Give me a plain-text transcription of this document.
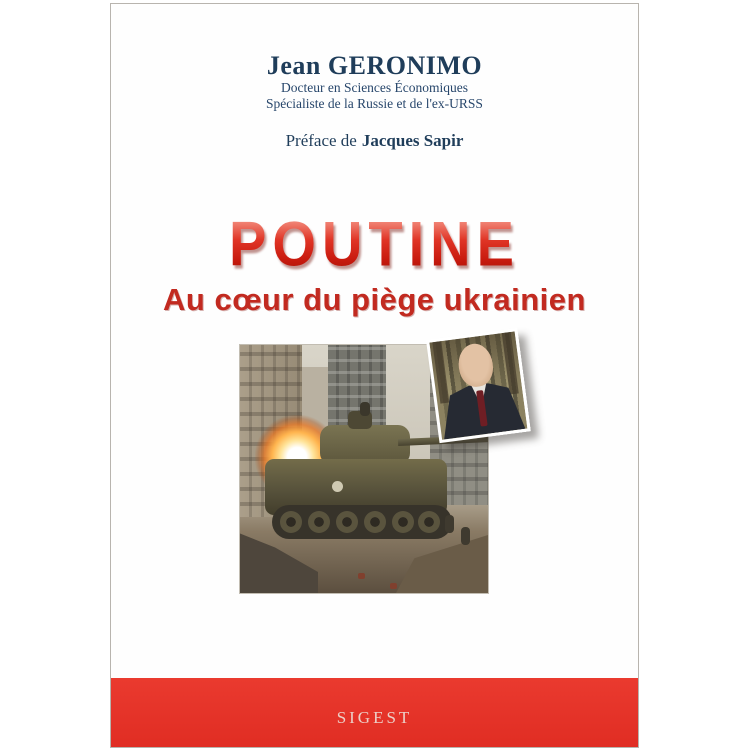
Jean GERONIMO
Docteur en Sciences Économiques
Spécialiste de la Russie et de l'ex-URSS
Préface de Jacques Sapir
POUTINE
Au cœur du piège ukrainien
SIGEST
